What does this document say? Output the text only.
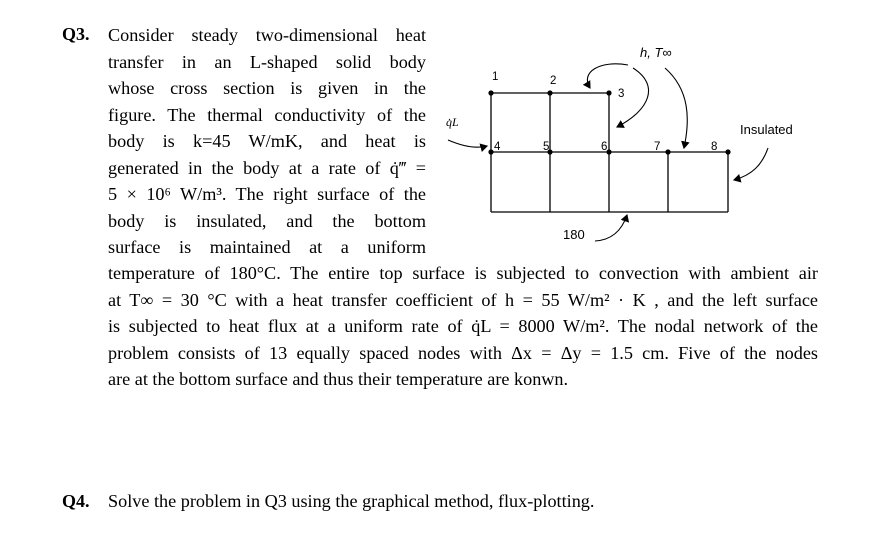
Q3. Consider steady two-dimensional heat
transfer in an L-shaped solid body
whose cross section is given in the
figure. The thermal conductivity of the
body is k=45 W/mK, and heat is
generated in the body at a rate of q̇‴ =
5 × 10⁶ W/m³. The right surface of the
body is insulated, and the bottom
surface is maintained at a uniform
temperature of 180°C. The entire top surface is subjected to convection with ambient air
at T∞ = 30 °C with a heat transfer coefficient of h = 55 W/m² · K , and the left surface
is subjected to heat flux at a uniform rate of q̇L = 8000 W/m². The nodal network of the
problem consists of 13 equally spaced nodes with Δx = Δy = 1.5 cm. Five of the nodes
are at the bottom surface and thus their temperature are konwn.
1	2
3
4	5	6	7	8
h, T∞
Insulated
q̇L
180
Q4. Solve the problem in Q3 using the graphical method, flux-plotting.
